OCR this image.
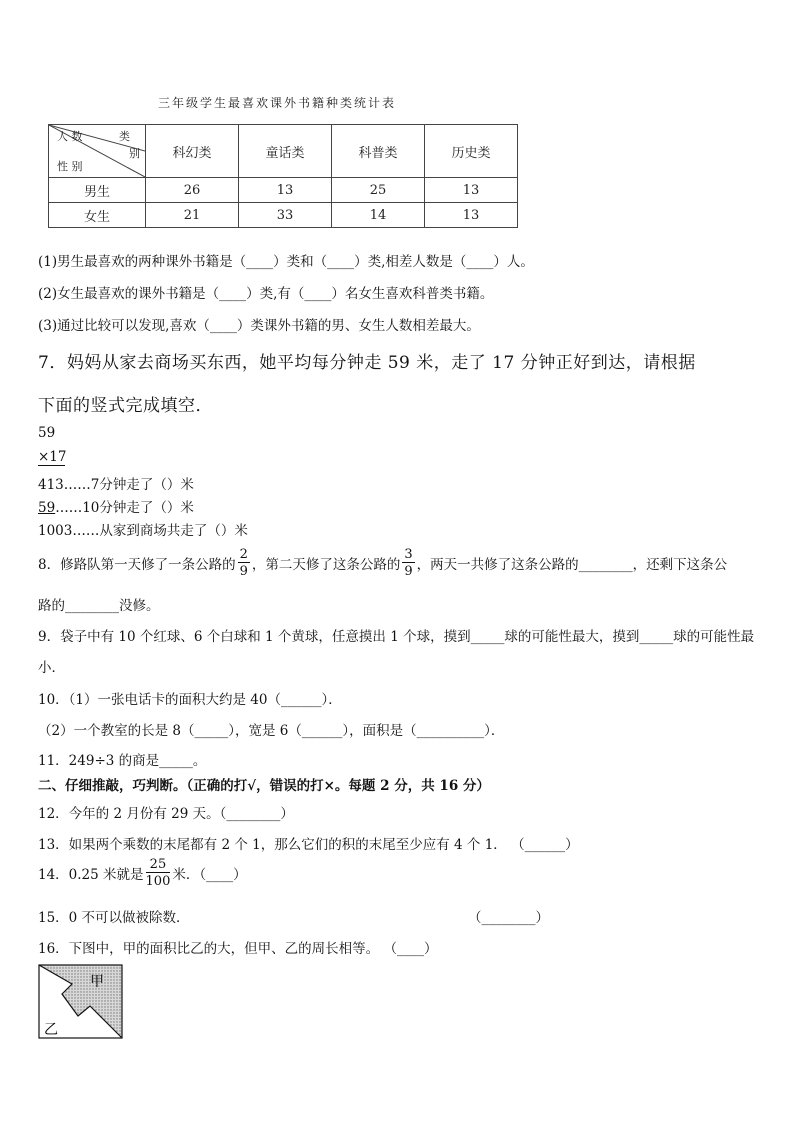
三年级学生最喜欢课外书籍种类统计表
人 数 类
别
性 别	科幻类	童话类	科普类	历史类
男生	26	13	25	13
女生	21	33	14	13
(1)男生最喜欢的两种课外书籍是（____）类和（____）类,相差人数是（____）人。
(2)女生最喜欢的课外书籍是（____）类,有（____）名女生喜欢科普类书籍。
(3)通过比较可以发现,喜欢（____）类课外书籍的男、女生人数相差最大。
7．妈妈从家去商场买东西，她平均每分钟走 59 米，走了 17 分钟正好到达，请根据
下面的竖式完成填空．
59
×17
413……7分钟走了（）米
59……10分钟走了（）米
1003……从家到商场共走了（）米
8．修路队第一天修了一条公路的 $\frac{2}{9}$ ，第二天修了这条公路的 $\frac{3}{9}$ ，两天一共修了这条公路的________，还剩下这条公
路的________没修。
9．袋子中有 10 个红球、6 个白球和 1 个黄球，任意摸出 1 个球，摸到_____球的可能性最大，摸到_____球的可能性最
小．
10．（1）一张电话卡的面积大约是 40（______）．
（2）一个教室的长是 8（_____），宽是 6（______），面积是（__________）．
11．249÷3 的商是_____。
二、仔细推敲，巧判断。（正确的打√，错误的打×。每题 2 分，共 16 分）
12．今年的 2 月份有 29 天。（________）
13．如果两个乘数的末尾都有 2 个 1，那么它们的积的末尾至少应有 4 个 1． （______）
14．0.25 米就是 $\frac{25}{100}$ 米．（____）
15．0 不可以做被除数．	（________）
16．下图中，甲的面积比乙的大，但甲、乙的周长相等。 （____）
甲
乙
